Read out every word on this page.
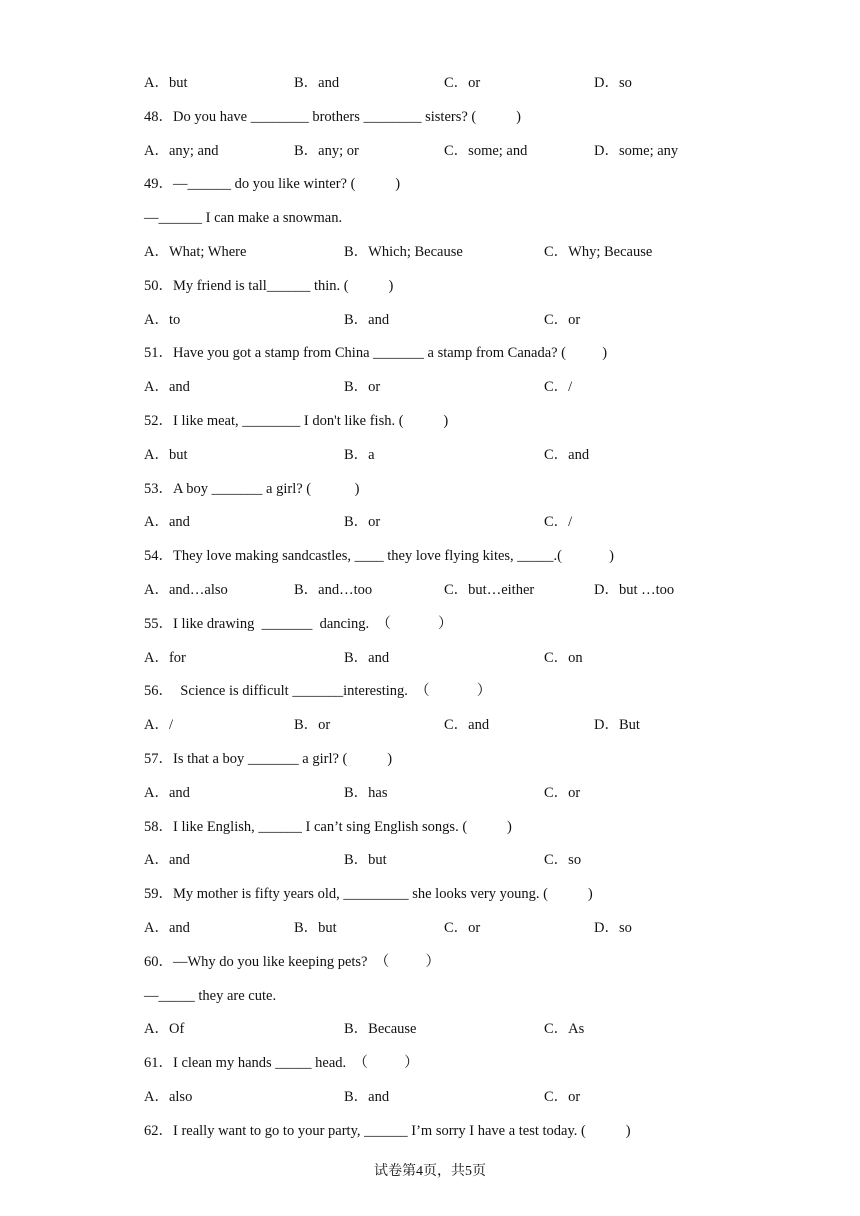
A．but	B．and	C．or	D．so
48．Do you have ________ brothers ________ sisters? (           )
A．any; and	B．any; or	C．some; and	D．some; any
49．—______ do you like winter? (           )
—______ I can make a snowman.
A．What; Where	B．Which; Because	C．Why; Because
50．My friend is tall______ thin. (           )
A．to	B．and	C．or
51．Have you got a stamp from China _______ a stamp from Canada? (          )
A．and	B．or	C．/
52．I like meat, ________ I don't like fish. (           )
A．but	B．a	C．and
53．A boy _______ a girl? (            )
A．and	B．or	C．/
54．They love making sandcastles, ____ they love flying kites, _____.(             )
A．and…also	B．and…too	C．but…either	D．but …too
55．I like drawing  _______  dancing.  （             ）
A．for	B．and	C．on
56．  Science is difficult _______interesting.  （             ）
A．/	B．or	C．and	D．But
57．Is that a boy _______ a girl? (           )
A．and	B．has	C．or
58．I like English, ______ I can’t sing English songs. (           )
A．and	B．but	C．so
59．My mother is fifty years old, _________ she looks very young. (           )
A．and	B．but	C．or	D．so
60．—Why do you like keeping pets?  （          ）
—_____ they are cute.
A．Of	B．Because	C．As
61．I clean my hands _____ head.  （          ）
A．also	B．and	C．or
62．I really want to go to your party, ______ I’m sorry I have a test today. (           )
试卷第4页，共5页
